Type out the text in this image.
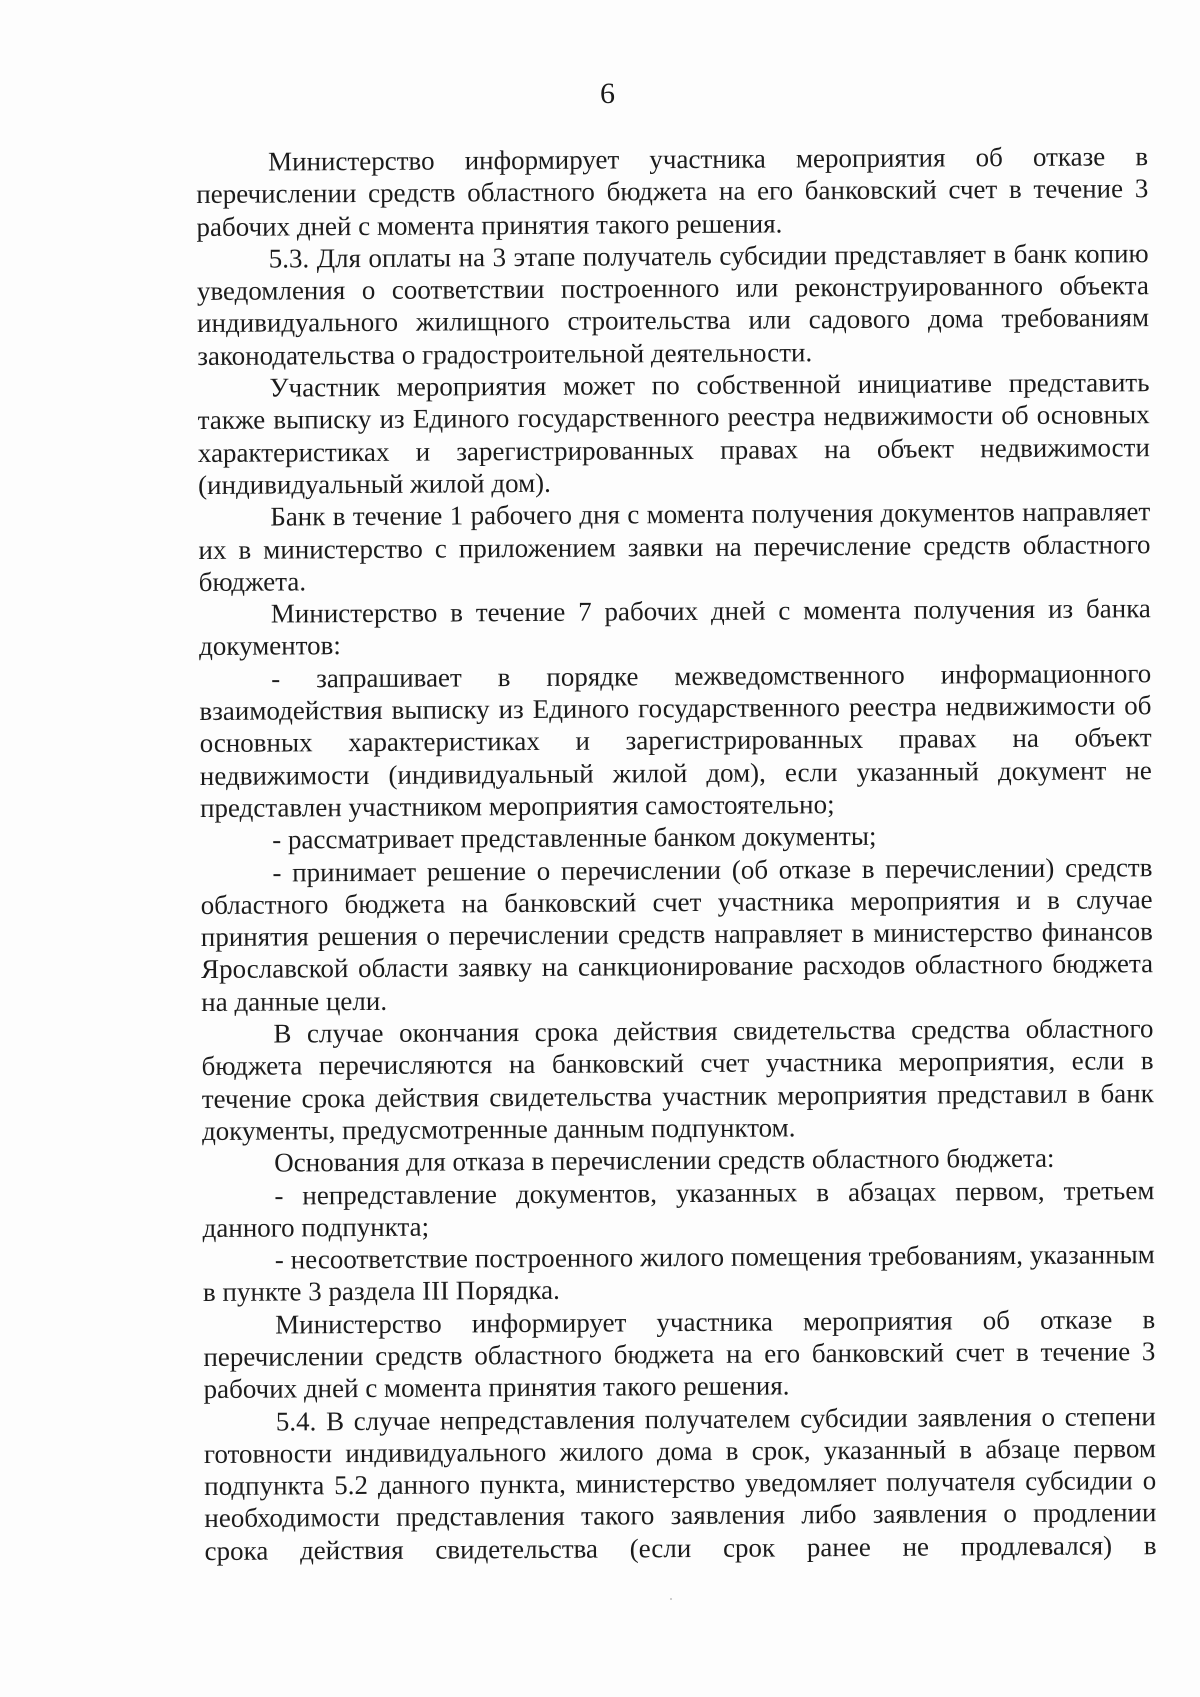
6

Министерство информирует участника мероприятия об отказе в перечислении средств областного бюджета на его банковский счет в течение 3 рабочих дней с момента принятия такого решения.

5.3. Для оплаты на 3 этапе получатель субсидии представляет в банк копию уведомления о соответствии построенного или реконструированного объекта индивидуального жилищного строительства или садового дома требованиям законодательства о градостроительной деятельности.

Участник мероприятия может по собственной инициативе представить также выписку из Единого государственного реестра недвижимости об основных характеристиках и зарегистрированных правах на объект недвижимости (индивидуальный жилой дом).

Банк в течение 1 рабочего дня с момента получения документов направляет их в министерство с приложением заявки на перечисление средств областного бюджета.

Министерство в течение 7 рабочих дней с момента получения из банка документов:

- запрашивает в порядке межведомственного информационного взаимодействия выписку из Единого государственного реестра недвижимости об основных характеристиках и зарегистрированных правах на объект недвижимости (индивидуальный жилой дом), если указанный документ не представлен участником мероприятия самостоятельно;

- рассматривает представленные банком документы;

- принимает решение о перечислении (об отказе в перечислении) средств областного бюджета на банковский счет участника мероприятия и в случае принятия решения о перечислении средств направляет в министерство финансов Ярославской области заявку на санкционирование расходов областного бюджета на данные цели.

В случае окончания срока действия свидетельства средства областного бюджета перечисляются на банковский счет участника мероприятия, если в течение срока действия свидетельства участник мероприятия представил в банк документы, предусмотренные данным подпунктом.

Основания для отказа в перечислении средств областного бюджета:

- непредставление документов, указанных в абзацах первом, третьем данного подпункта;

- несоответствие построенного жилого помещения требованиям, указанным в пункте 3 раздела III Порядка.

Министерство информирует участника мероприятия об отказе в перечислении средств областного бюджета на его банковский счет в течение 3 рабочих дней с момента принятия такого решения.

5.4. В случае непредставления получателем субсидии заявления о степени готовности индивидуального жилого дома в срок, указанный в абзаце первом подпункта 5.2 данного пункта, министерство уведомляет получателя субсидии о необходимости представления такого заявления либо заявления о продлении срока действия свидетельства (если срок ранее не продлевался) в
